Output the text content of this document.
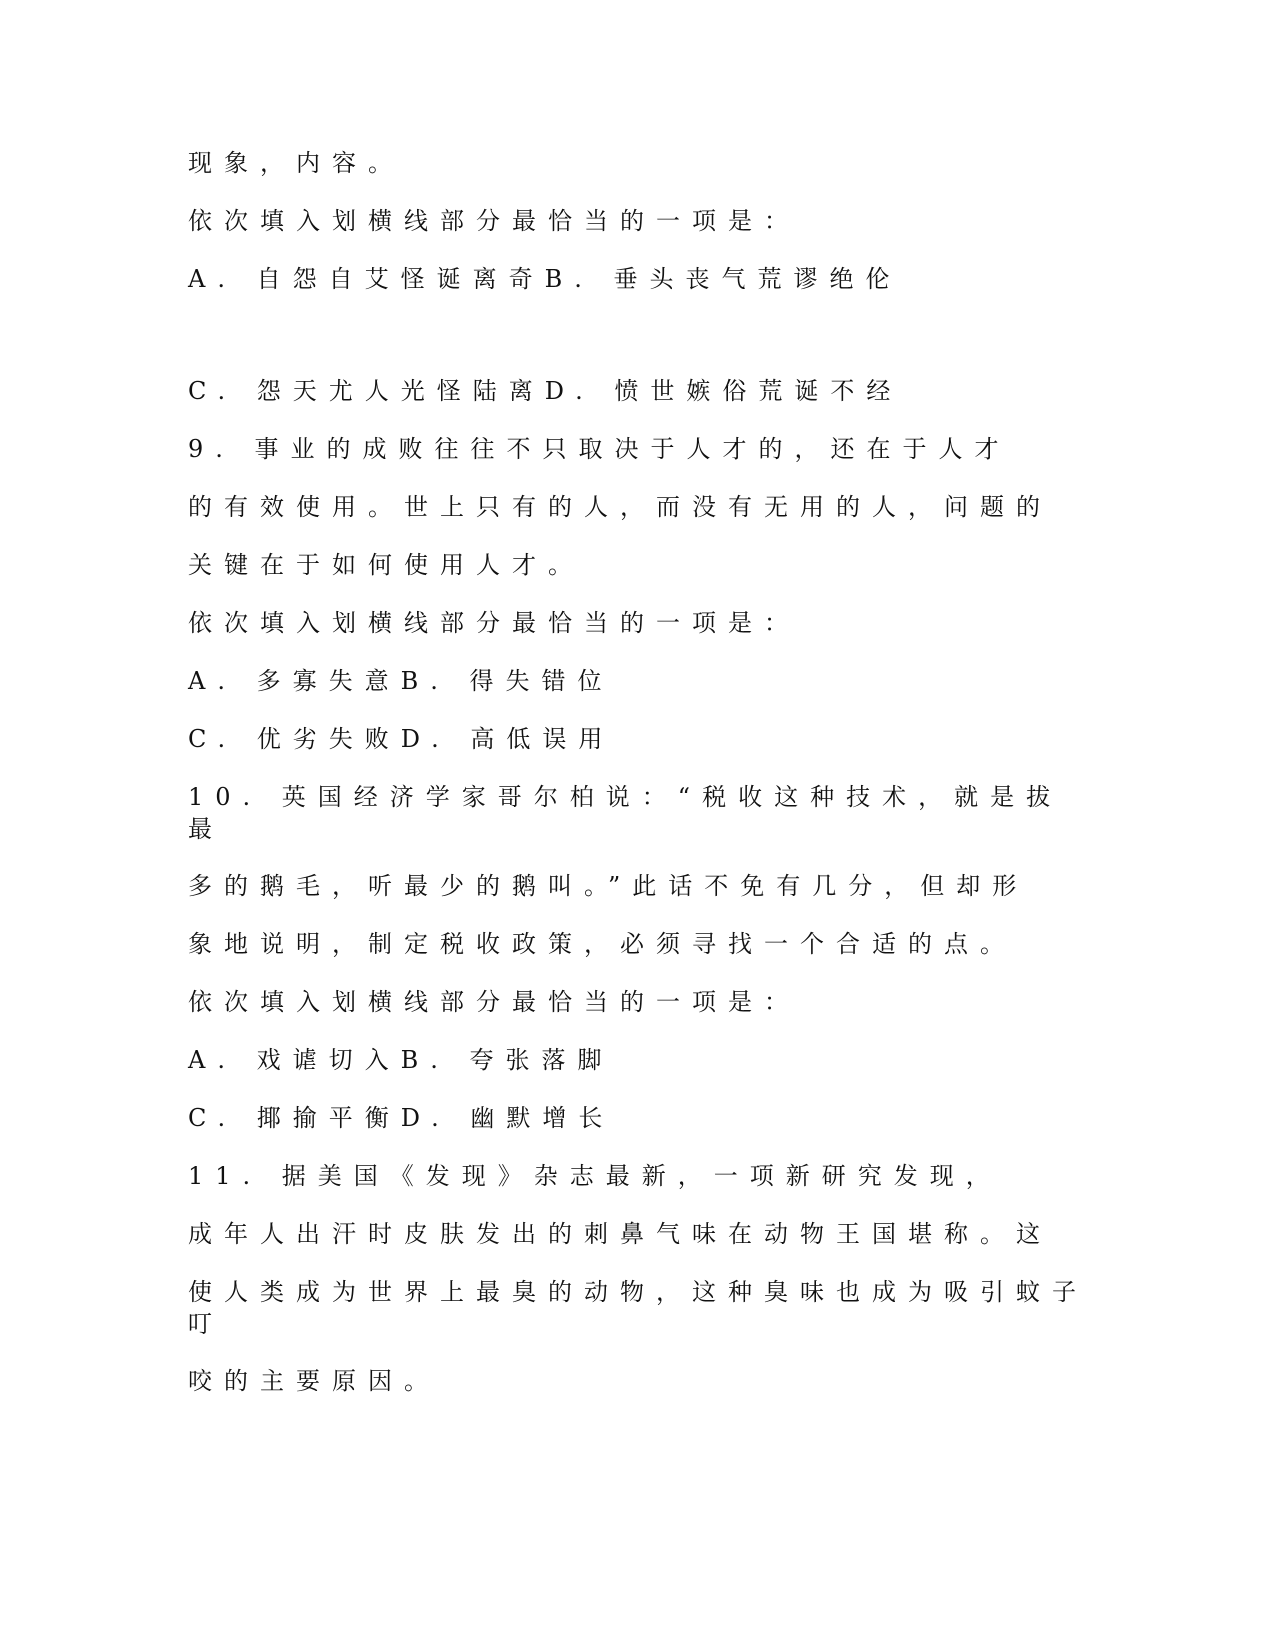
现象，内容。

依次填入划横线部分最恰当的一项是：

A. 自怨自艾怪诞离奇B. 垂头丧气荒谬绝伦

C. 怨天尤人光怪陆离D. 愤世嫉俗荒诞不经

9. 事业的成败往往不只取决于人才的，还在于人才

的有效使用。世上只有的人，而没有无用的人，问题的

关键在于如何使用人才。

依次填入划横线部分最恰当的一项是：

A. 多寡失意B. 得失错位

C. 优劣失败D. 高低误用

10. 英国经济学家哥尔柏说：“税收这种技术，就是拔最

多的鹅毛，听最少的鹅叫。”此话不免有几分，但却形

象地说明，制定税收政策，必须寻找一个合适的点。

依次填入划横线部分最恰当的一项是：

A. 戏谑切入B. 夸张落脚

C. 揶揄平衡D. 幽默增长

11. 据美国《发现》杂志最新，一项新研究发现，

成年人出汗时皮肤发出的刺鼻气味在动物王国堪称。这

使人类成为世界上最臭的动物，这种臭味也成为吸引蚊子叮

咬的主要原因。
